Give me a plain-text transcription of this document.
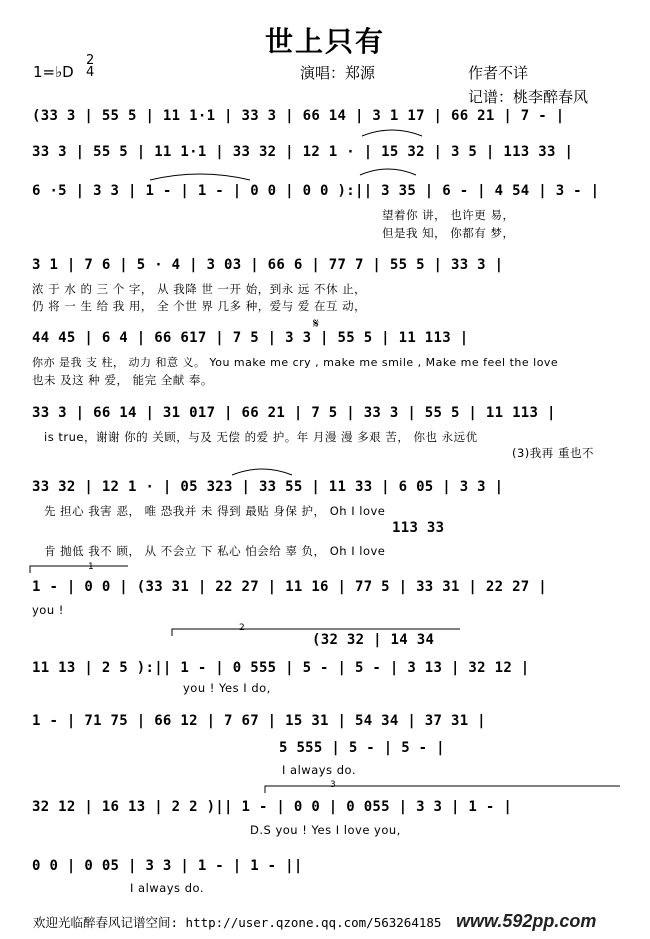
世上只有
1=♭D
2
4	演唱：郑源	作者不详
记谱：桃李醉春风
(33 3 | 55 5 | 11 1·1 | 33 3 | 66 14 | 3 1 17 | 66 21 | 7 - |
33 3 | 55 5 | 11 1·1 | 33 32 | 12 1 · | 15 32 | 3 5 | 113 33 |
6 ·5 | 3 3 | 1 - | 1 - | 0 0 | 0 0 ):|| 3 35 | 6 - | 4 54 | 3 - |
望着你 讲， 也许更 易，
但是我 知， 你都有 梦，
3 1 | 7 6 | 5 · 4 | 3 03 | 66 6 | 77 7 | 55 5 | 33 3 |
浓 于 水 的 三 个 字， 从 我降 世 一开 始，到永 远 不休 止，
仍 将 一 生 给 我 用， 全 个世 界 几多 种，爱与 爱 在互 动，
44 45 | 6 4 | 66 617 | 7 5 | 3 3 | 55 5 | 11 113 |
𝄋
你亦 是我 支 柱， 动力 和意 义。 You make me cry , make me smile , Make me feel the love
也未 及这 种 爱， 能完 全献 奉。
33 3 | 66 14 | 31 017 | 66 21 | 7 5 | 33 3 | 55 5 | 11 113 |
is true，谢谢 你的 关顾，与及 无偿 的爱 护。年 月漫 漫 多艰 苦， 你也 永远优
(3)我再 重也不
33 32 | 12 1 · | 05 323 | 33 55 | 11 33 | 6 05 | 3 3 |
先 担心 我害 恶， 唯 恐我并 未 得到 最贴 身保 护， Oh I love
113 33
肯 抛低 我不 顾， 从 不会立 下 私心 怕会给 辜 负， Oh I love
1 - | 0 0 | (33 31 | 22 27 | 11 16 | 77 5 | 33 31 | 22 27 |
1
you !
(32 32 | 14 34
2
11 13 | 2 5 ):|| 1 - | 0 555 | 5 - | 5 - | 3 13 | 32 12 |
you ! Yes I do,
1 - | 71 75 | 66 12 | 7 67 | 15 31 | 54 34 | 37 31 |
5 555 | 5 - | 5 - |
I always do.
32 12 | 16 13 | 2 2 )|| 1 - | 0 0 | 0 055 | 3 3 | 1 - |
3
D.S you ! Yes I love you,
0 0 | 0 05 | 3 3 | 1 - | 1 - ||
I always do.
欢迎光临醉春风记谱空间: http://user.qzone.qq.com/563264185 www.592pp.com
